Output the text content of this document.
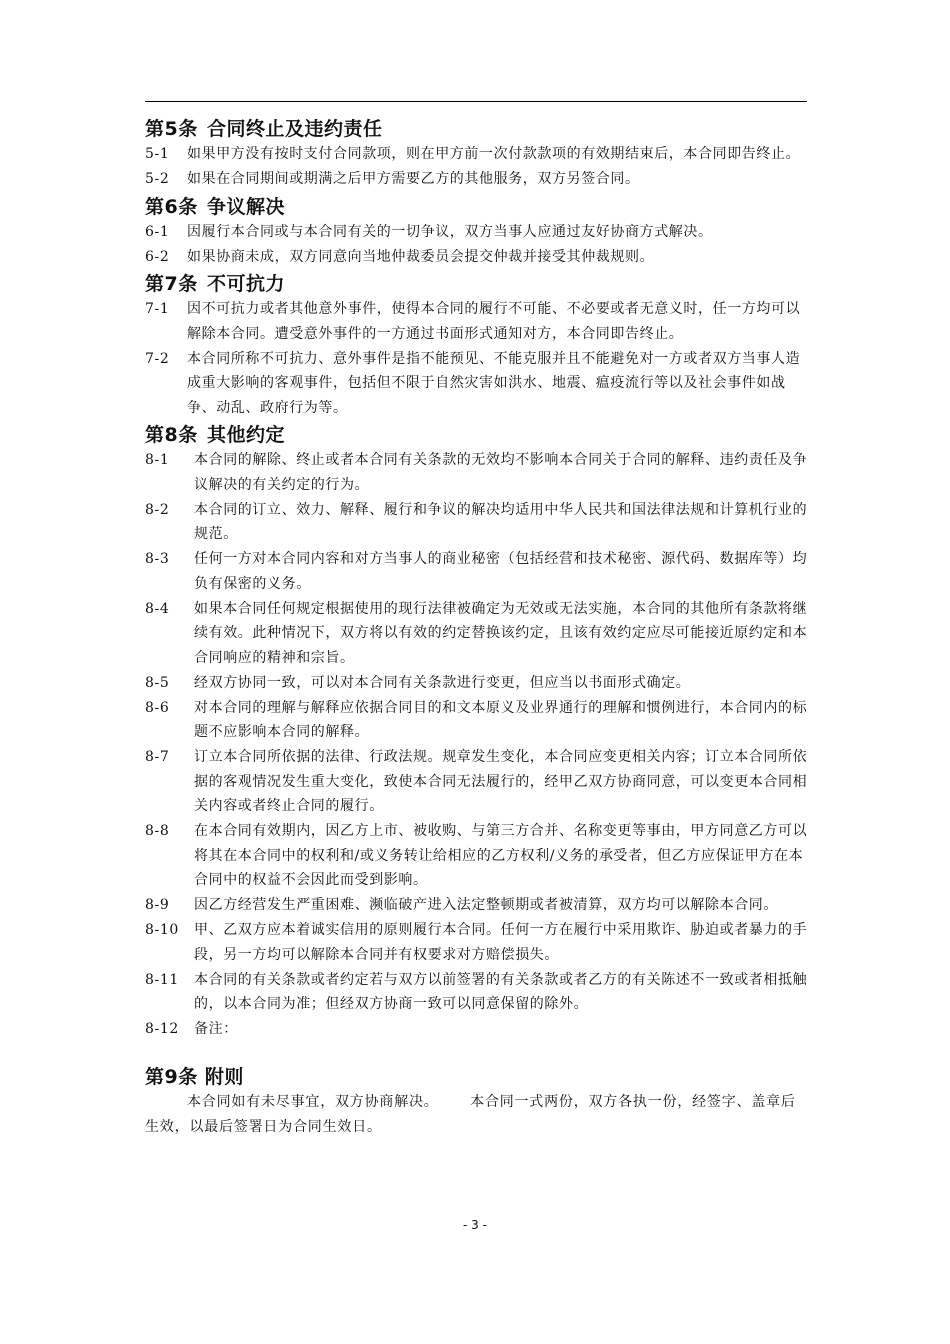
第5条 合同终止及违约责任
5-1	如果甲方没有按时支付合同款项，则在甲方前一次付款款项的有效期结束后，本合同即告终止。
5-2	如果在合同期间或期满之后甲方需要乙方的其他服务，双方另签合同。
第6条 争议解决
6-1	因履行本合同或与本合同有关的一切争议，双方当事人应通过友好协商方式解决。
6-2	如果协商未成，双方同意向当地仲裁委员会提交仲裁并接受其仲裁规则。
第7条 不可抗力
7-1	因不可抗力或者其他意外事件，使得本合同的履行不可能、不必要或者无意义时，任一方均可以解除本合同。遭受意外事件的一方通过书面形式通知对方，本合同即告终止。
7-2	本合同所称不可抗力、意外事件是指不能预见、不能克服并且不能避免对一方或者双方当事人造成重大影响的客观事件，包括但不限于自然灾害如洪水、地震、瘟疫流行等以及社会事件如战争、动乱、政府行为等。
第8条 其他约定
8-1	本合同的解除、终止或者本合同有关条款的无效均不影响本合同关于合同的解释、违约责任及争议解决的有关约定的行为。
8-2	本合同的订立、效力、解释、履行和争议的解决均适用中华人民共和国法律法规和计算机行业的规范。
8-3	任何一方对本合同内容和对方当事人的商业秘密（包括经营和技术秘密、源代码、数据库等）均负有保密的义务。
8-4	如果本合同任何规定根据使用的现行法律被确定为无效或无法实施，本合同的其他所有条款将继续有效。此种情况下，双方将以有效的约定替换该约定，且该有效约定应尽可能接近原约定和本合同响应的精神和宗旨。
8-5	经双方协同一致，可以对本合同有关条款进行变更，但应当以书面形式确定。
8-6	对本合同的理解与解释应依据合同目的和文本原义及业界通行的理解和惯例进行，本合同内的标题不应影响本合同的解释。
8-7	订立本合同所依据的法律、行政法规。规章发生变化，本合同应变更相关内容；订立本合同所依据的客观情况发生重大变化，致使本合同无法履行的，经甲乙双方协商同意，可以变更本合同相关内容或者终止合同的履行。
8-8	在本合同有效期内，因乙方上市、被收购、与第三方合并、名称变更等事由，甲方同意乙方可以将其在本合同中的权利和/或义务转让给相应的乙方权利/义务的承受者，但乙方应保证甲方在本合同中的权益不会因此而受到影响。
8-9	因乙方经营发生严重困难、濒临破产进入法定整顿期或者被清算，双方均可以解除本合同。
8-10	甲、乙双方应本着诚实信用的原则履行本合同。任何一方在履行中采用欺诈、胁迫或者暴力的手段，另一方均可以解除本合同并有权要求对方赔偿损失。
8-11	本合同的有关条款或者约定若与双方以前签署的有关条款或者乙方的有关陈述不一致或者相抵触的，以本合同为准；但经双方协商一致可以同意保留的除外。
8-12	备注：
第9条 附则
本合同如有未尽事宜，双方协商解决。      本合同一式两份，双方各执一份，经签字、盖章后生效，以最后签署日为合同生效日。
- 3 -
